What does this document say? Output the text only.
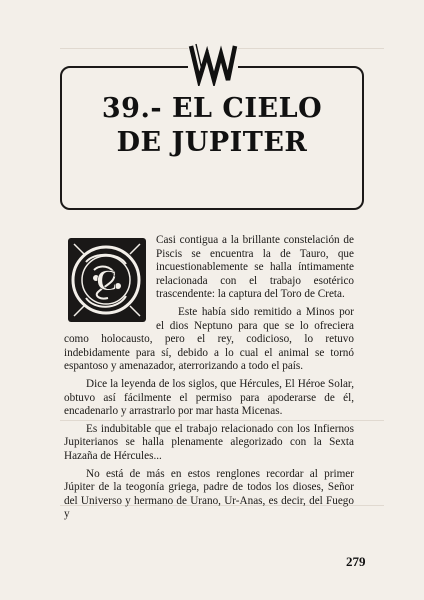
39.- EL CIELO
DE JUPITER
C

Casi contigua a la brillante constelación de Piscis se encuentra la de Tauro, que incuestionablemente se halla íntimamente relacionada con el trabajo esotérico trascendente: la captura del Toro de Creta.

Este había sido remitido a Minos por el dios Neptuno para que se lo ofreciera como holocausto, pero el rey, codicioso, lo retuvo indebidamente para sí, debido a lo cual el animal se tornó espantoso y amenazador, aterrorizando a todo el país.

Dice la leyenda de los siglos, que Hércules, El Héroe Solar, obtuvo así fácilmente el permiso para apoderarse de él, encadenarlo y arrastrarlo por mar hasta Micenas.

Es indubitable que el trabajo relacionado con los Infiernos Jupiterianos se halla plenamente alegorizado con la Sexta Hazaña de Hércules...

No está de más en estos renglones recordar al primer Júpiter de la teogonía griega, padre de todos los dioses, Señor del Universo y hermano de Urano, Ur-Anas, es decir, del Fuego y

279
